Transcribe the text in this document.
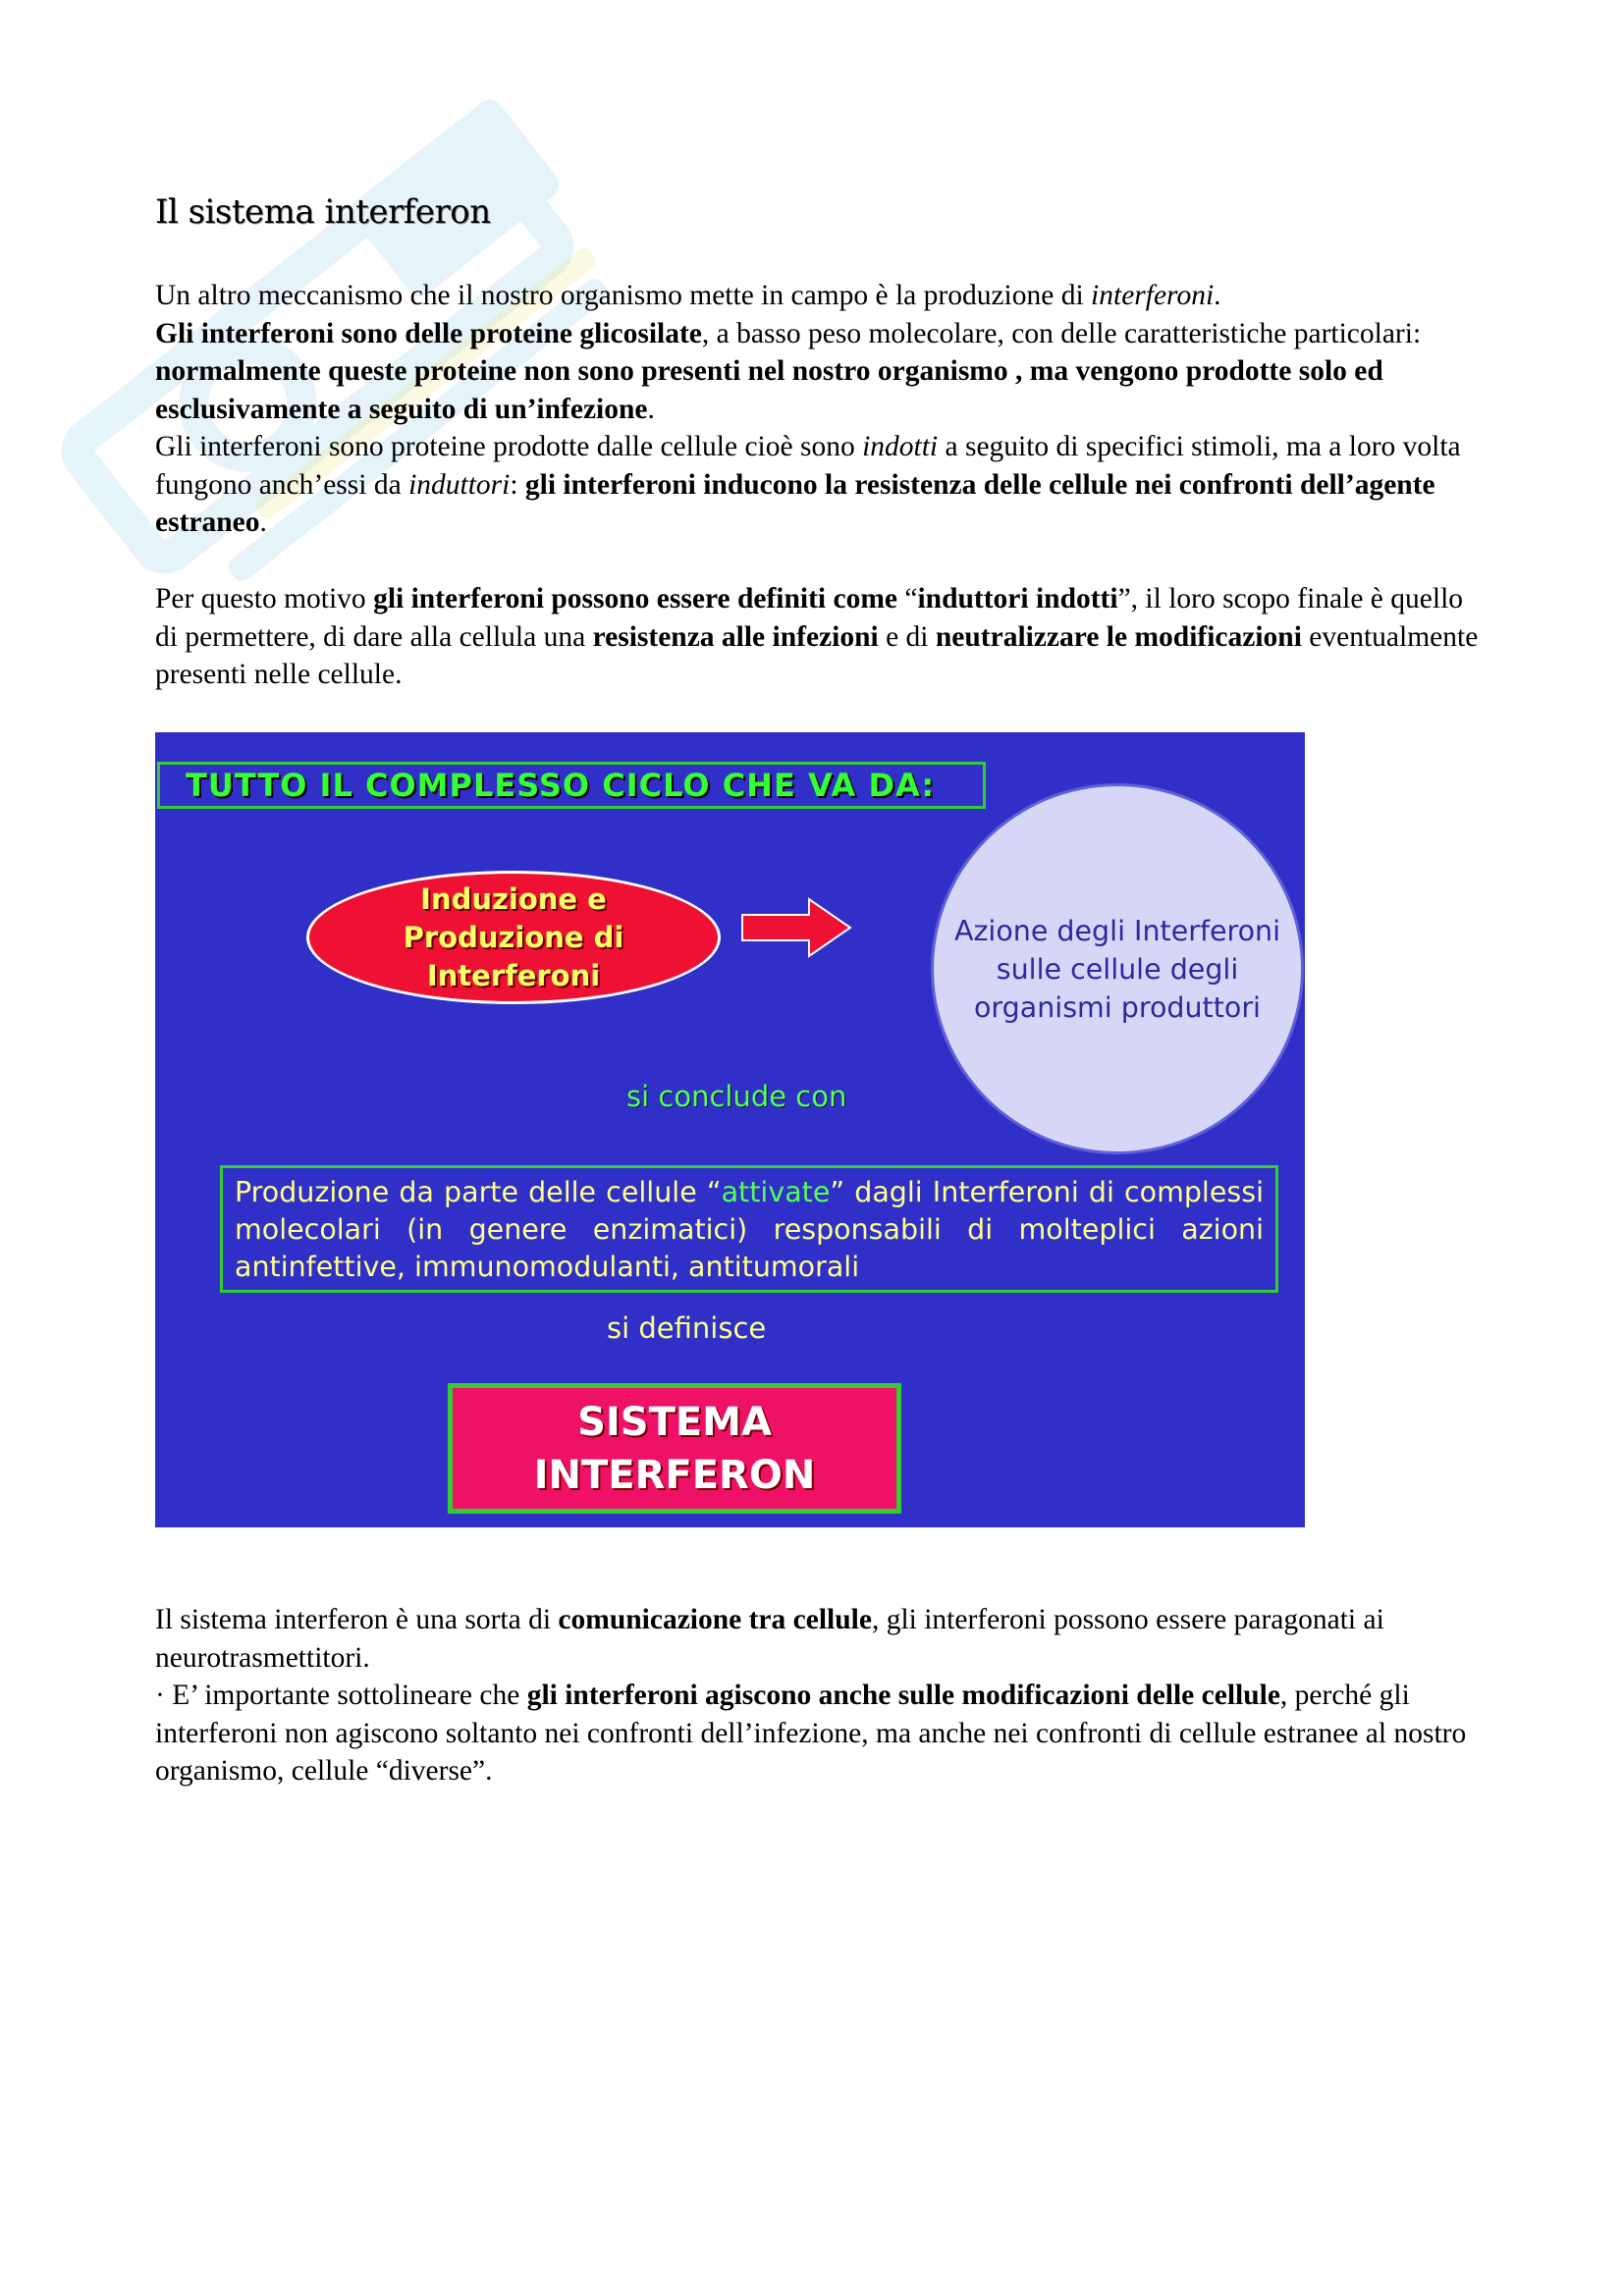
Il sistema interferon
Un altro meccanismo che il nostro organismo mette in campo è la produzione di interferoni.
Gli interferoni sono delle proteine glicosilate, a basso peso molecolare, con delle caratteristiche particolari: normalmente queste proteine non sono presenti nel nostro organismo , ma vengono prodotte solo ed esclusivamente a seguito di un’infezione.
Gli interferoni sono proteine prodotte dalle cellule cioè sono indotti a seguito di specifici stimoli, ma a loro volta fungono anch’essi da induttori: gli interferoni inducono la resistenza delle cellule nei confronti dell’agente estraneo.
Per questo motivo gli interferoni possono essere definiti come “induttori indotti”, il loro scopo finale è quello di permettere, di dare alla cellula una resistenza alle infezioni e di neutralizzare le modificazioni eventualmente presenti nelle cellule.
TUTTO IL COMPLESSO CICLO CHE VA DA:
Induzione e Produzione di Interferoni
Azione degli Interferoni
sulle cellule degli
organismi produttori
si conclude con
Produzione da parte delle cellule “attivate” dagli Interferoni di complessi molecolari (in genere enzimatici) responsabili di molteplici azioni antinfettive, immunomodulanti, antitumorali
si definisce
SISTEMA INTERFERON
Il sistema interferon è una sorta di comunicazione tra cellule, gli interferoni possono essere paragonati ai neurotrasmettitori.
· E’ importante sottolineare che gli interferoni agiscono anche sulle modificazioni delle cellule, perché gli interferoni non agiscono soltanto nei confronti dell’infezione, ma anche nei confronti di cellule estranee al nostro organismo, cellule “diverse”.
